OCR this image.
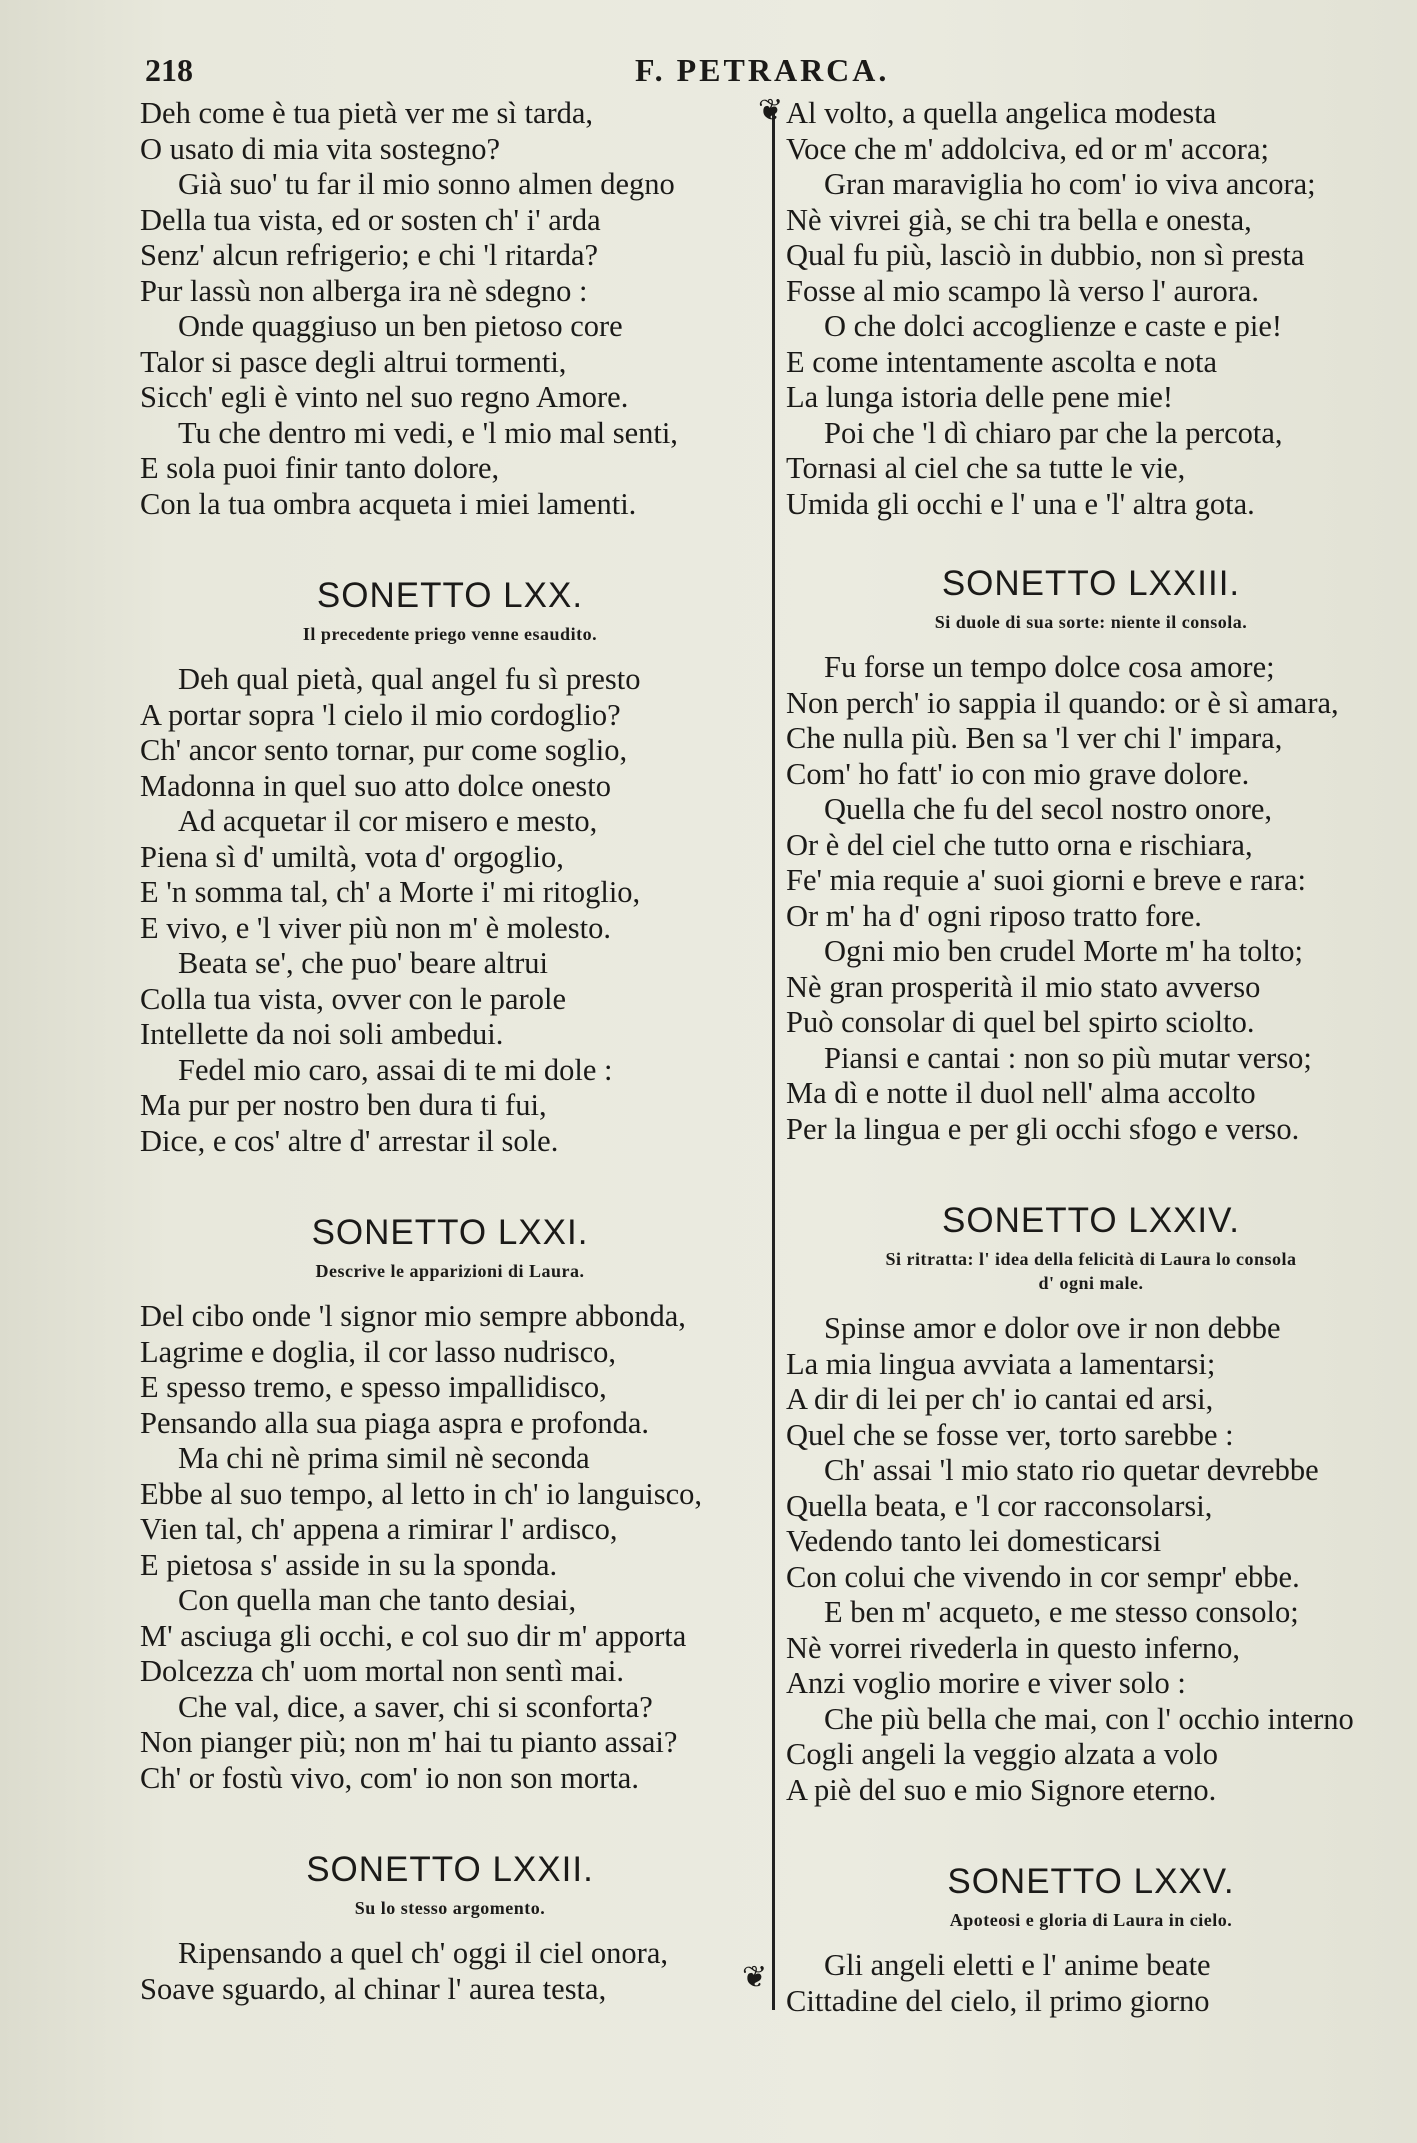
218	F. PETRARCA.
❦
❦
Deh come è tua pietà ver me sì tarda,
O usato di mia vita sostegno?
Già suo' tu far il mio sonno almen degno
Della tua vista, ed or sosten ch' i' arda
Senz' alcun refrigerio; e chi 'l ritarda?
Pur lassù non alberga ira nè sdegno :
Onde quaggiuso un ben pietoso core
Talor si pasce degli altrui tormenti,
Sicch' egli è vinto nel suo regno Amore.
Tu che dentro mi vedi, e 'l mio mal senti,
E sola puoi finir tanto dolore,
Con la tua ombra acqueta i miei lamenti.
SONETTO LXX.
Il precedente priego venne esaudito.
Deh qual pietà, qual angel fu sì presto
A portar sopra 'l cielo il mio cordoglio?
Ch' ancor sento tornar, pur come soglio,
Madonna in quel suo atto dolce onesto
Ad acquetar il cor misero e mesto,
Piena sì d' umiltà, vota d' orgoglio,
E 'n somma tal, ch' a Morte i' mi ritoglio,
E vivo, e 'l viver più non m' è molesto.
Beata se', che puo' beare altrui
Colla tua vista, ovver con le parole
Intellette da noi soli ambedui.
Fedel mio caro, assai di te mi dole :
Ma pur per nostro ben dura ti fui,
Dice, e cos' altre d' arrestar il sole.
SONETTO LXXI.
Descrive le apparizioni di Laura.
Del cibo onde 'l signor mio sempre abbonda,
Lagrime e doglia, il cor lasso nudrisco,
E spesso tremo, e spesso impallidisco,
Pensando alla sua piaga aspra e profonda.
Ma chi nè prima simil nè seconda
Ebbe al suo tempo, al letto in ch' io languisco,
Vien tal, ch' appena a rimirar l' ardisco,
E pietosa s' asside in su la sponda.
Con quella man che tanto desiai,
M' asciuga gli occhi, e col suo dir m' apporta
Dolcezza ch' uom mortal non sentì mai.
Che val, dice, a saver, chi si sconforta?
Non pianger più; non m' hai tu pianto assai?
Ch' or fostù vivo, com' io non son morta.
SONETTO LXXII.
Su lo stesso argomento.
Ripensando a quel ch' oggi il ciel onora,
Soave sguardo, al chinar l' aurea testa,
Al volto, a quella angelica modesta
Voce che m' addolciva, ed or m' accora;
Gran maraviglia ho com' io viva ancora;
Nè vivrei già, se chi tra bella e onesta,
Qual fu più, lasciò in dubbio, non sì presta
Fosse al mio scampo là verso l' aurora.
O che dolci accoglienze e caste e pie!
E come intentamente ascolta e nota
La lunga istoria delle pene mie!
Poi che 'l dì chiaro par che la percota,
Tornasi al ciel che sa tutte le vie,
Umida gli occhi e l' una e 'l' altra gota.
SONETTO LXXIII.
Si duole di sua sorte: niente il consola.
Fu forse un tempo dolce cosa amore;
Non perch' io sappia il quando: or è sì amara,
Che nulla più. Ben sa 'l ver chi l' impara,
Com' ho fatt' io con mio grave dolore.
Quella che fu del secol nostro onore,
Or è del ciel che tutto orna e rischiara,
Fe' mia requie a' suoi giorni e breve e rara:
Or m' ha d' ogni riposo tratto fore.
Ogni mio ben crudel Morte m' ha tolto;
Nè gran prosperità il mio stato avverso
Può consolar di quel bel spirto sciolto.
Piansi e cantai : non so più mutar verso;
Ma dì e notte il duol nell' alma accolto
Per la lingua e per gli occhi sfogo e verso.
SONETTO LXXIV.
Si ritratta: l' idea della felicità di Laura lo consola
d' ogni male.
Spinse amor e dolor ove ir non debbe
La mia lingua avviata a lamentarsi;
A dir di lei per ch' io cantai ed arsi,
Quel che se fosse ver, torto sarebbe :
Ch' assai 'l mio stato rio quetar devrebbe
Quella beata, e 'l cor racconsolarsi,
Vedendo tanto lei domesticarsi
Con colui che vivendo in cor sempr' ebbe.
E ben m' acqueto, e me stesso consolo;
Nè vorrei rivederla in questo inferno,
Anzi voglio morire e viver solo :
Che più bella che mai, con l' occhio interno
Cogli angeli la veggio alzata a volo
A piè del suo e mio Signore eterno.
SONETTO LXXV.
Apoteosi e gloria di Laura in cielo.
Gli angeli eletti e l' anime beate
Cittadine del cielo, il primo giorno
